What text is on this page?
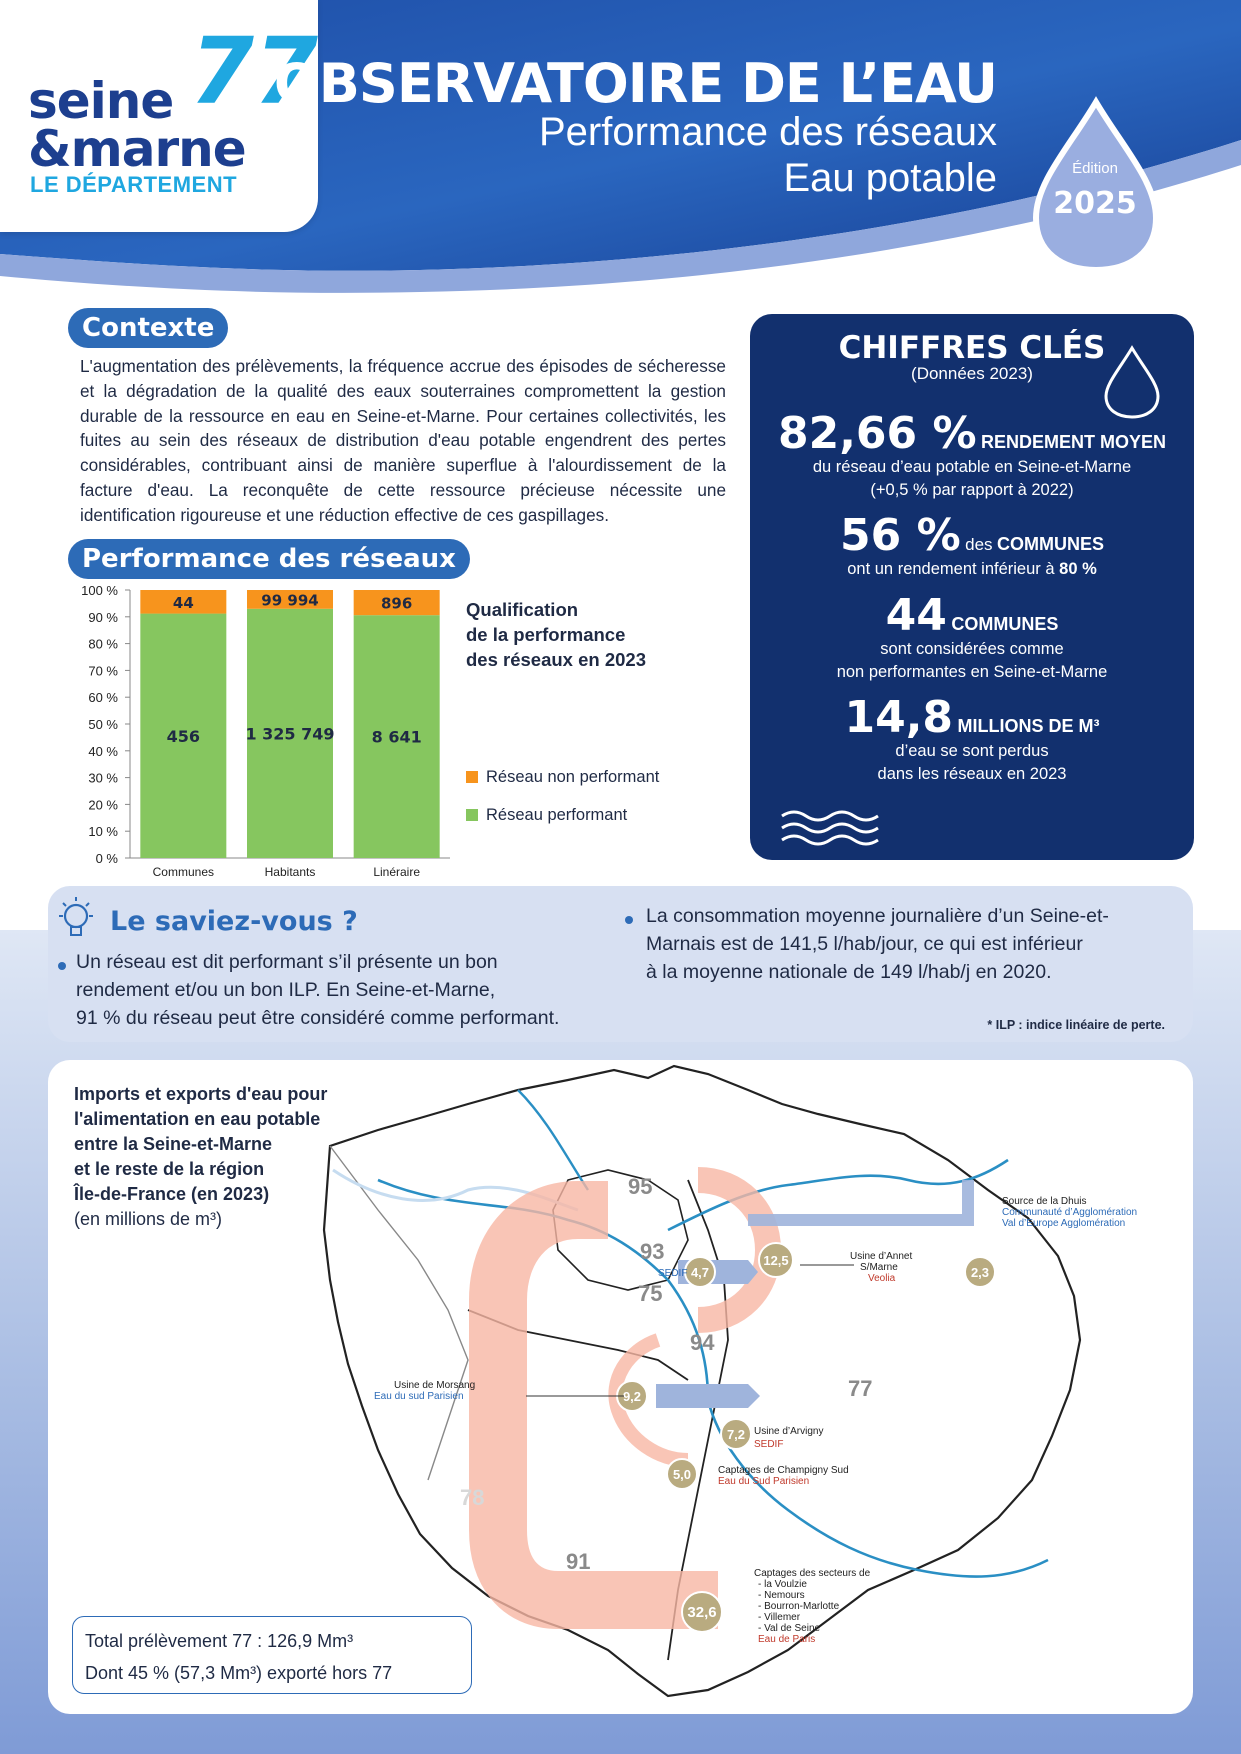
77
seine
&marne
LE DÉPARTEMENT
OBSERVATOIRE DE L’EAU
Performance des réseaux
Eau potable	Édition
2025
Contexte
L'augmentation des prélèvements, la fréquence accrue des épisodes de sécheresse et la dégradation de la qualité des eaux souterraines compromettent la gestion durable de la ressource en eau en Seine-et-Marne. Pour certaines collectivités, les fuites au sein des réseaux de distribution d'eau potable engendrent des pertes considérables, contribuant ainsi de manière superflue à l'alourdissement de la facture d'eau. La reconquête de cette ressource précieuse nécessite une identification rigoureuse et une réduction effective de ces gaspillages.
Performance des réseaux
0 %
10 %
20 %
30 %
40 %
50 %
60 %
70 %
80 %
90 %
100 %
456
44
Communes
1 325 749
99 994
Habitants
8 641
896
Linéraire
Qualification
de la performance
des réseaux en 2023
Réseau non performant
Réseau performant
CHIFFRES CLÉS
(Données 2023)
82,66 % RENDEMENT MOYEN
du réseau d’eau potable en Seine-et-Marne
(+0,5 % par rapport à 2022)
56 % des COMMUNES
ont un rendement inférieur à 80 %
44 COMMUNES
sont considérées comme
non performantes en Seine-et-Marne
14,8 MILLIONS DE M³
d’eau se sont perdus
dans les réseaux en 2023
Le saviez-vous ?
Un réseau est dit performant s’il présente un bon
rendement et/ou un bon ILP. En Seine-et-Marne,
91 % du réseau peut être considéré comme performant.
La consommation moyenne journalière d’un Seine-et-
Marnais est de 141,5 l/hab/jour, ce qui est inférieur
à la moyenne nationale de 149 l/hab/j en 2020.
* ILP : indice linéaire de perte.
95
93
75
94
77
78
91
4,7
12,5
2,3
9,2
7,2
5,0
32,6
SEDIF
Usine d’Annet
S/Marne
Veolia
Source de la Dhuis
Communauté d’Agglomération
Val d’Europe Agglomération
Usine de Morsang
Eau du sud Parisien
Usine d’Arvigny
SEDIF
Captages de Champigny Sud
Eau du Sud Parisien
Captages des secteurs de
- la Voulzie
- Nemours
- Bourron-Marlotte
- Villemer
- Val de Seine
Eau de Paris
Imports et exports d'eau pour
l'alimentation en eau potable
entre la Seine-et-Marne
et le reste de la région
Île-de-France (en 2023)
(en millions de m³)
Total prélèvement 77 : 126,9 Mm³
Dont 45 % (57,3 Mm³) exporté hors 77
